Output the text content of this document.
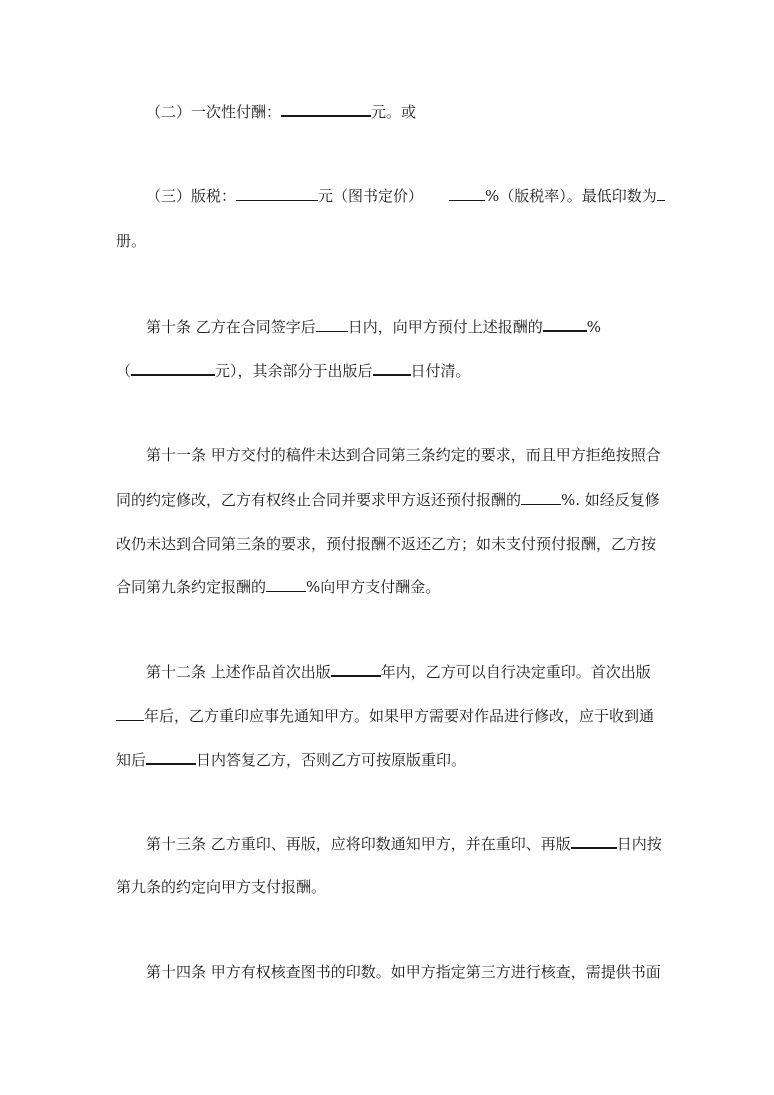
（二）一次性付酬：	元。或
（三）版税：	元（图书定价）	%（版税率）。最低印数为
册。
第十条 乙方在合同签字后 日内，向甲方预付上述报酬的	%
（	元），其余部分于出版后	日付清。
第十一条 甲方交付的稿件未达到合同第三条约定的要求，而且甲方拒绝按照合
同的约定修改，乙方有权终止合同并要求甲方返还预付报酬的	%. 如经反复修
改仍未达到合同第三条的要求，预付报酬不返还乙方；如未支付预付报酬，乙方按
合同第九条约定报酬的	%向甲方支付酬金。
第十二条 上述作品首次出版	年内，乙方可以自行决定重印。首次出版
年后，乙方重印应事先通知甲方。如果甲方需要对作品进行修改，应于收到通
知后	日内答复乙方，否则乙方可按原版重印。
第十三条 乙方重印、再版，应将印数通知甲方，并在重印、再版	日内按
第九条的约定向甲方支付报酬。
第十四条 甲方有权核查图书的印数。如甲方指定第三方进行核查，需提供书面
